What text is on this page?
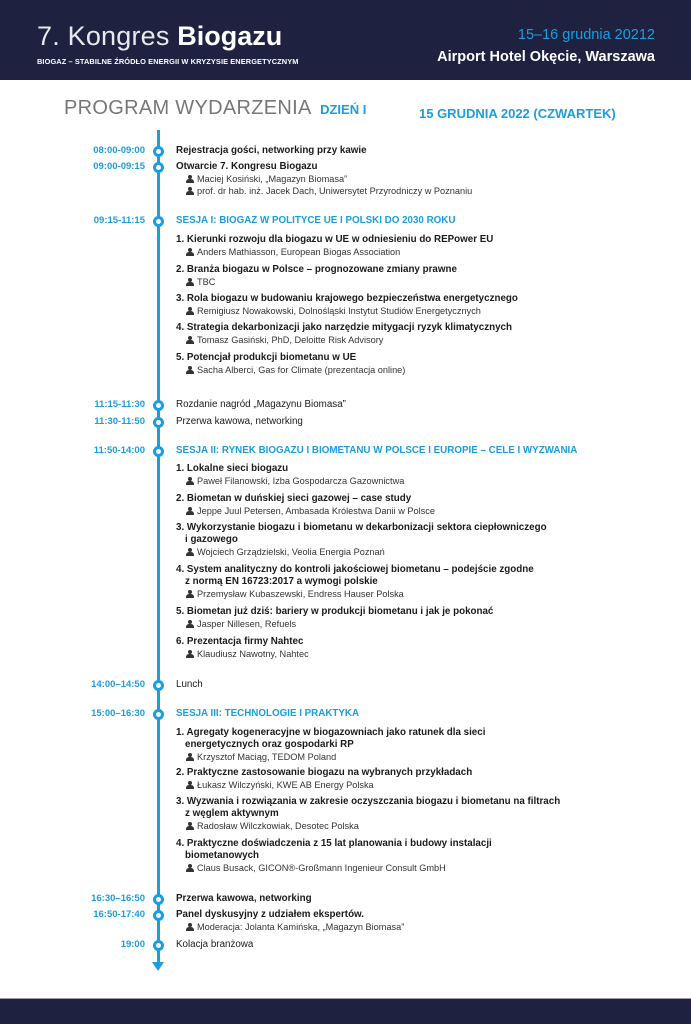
7. Kongres Biogazu
BIOGAZ – STABILNE ŹRÓDŁO ENERGII W KRYZYSIE ENERGETYCZNYM
15–16 grudnia 20212
Airport Hotel Okęcie, Warszawa
PROGRAM WYDARZENIA DZIEŃ I	15 GRUDNIA 2022 (CZWARTEK)
08:00-09:00	Rejestracja gości, networking przy kawie
09:00-09:15	Otwarcie 7. Kongresu Biogazu
Maciej Kosiński, „Magazyn Biomasa”
prof. dr hab. inż. Jacek Dach, Uniwersytet Przyrodniczy w Poznaniu
09:15-11:15	SESJA I: BIOGAZ W POLITYCE UE I POLSKI DO 2030 ROKU
1. Kierunki rozwoju dla biogazu w UE w odniesieniu do REPower EU
Anders Mathiasson, European Biogas Association
2. Branża biogazu w Polsce – prognozowane zmiany prawne
TBC
3. Rola biogazu w budowaniu krajowego bezpieczeństwa energetycznego
Remigiusz Nowakowski, Dolnośląski Instytut Studiów Energetycznych
4. Strategia dekarbonizacji jako narzędzie mitygacji ryzyk klimatycznych
Tomasz Gasiński, PhD, Deloitte Risk Advisory
5. Potencjał produkcji biometanu w UE
Sacha Alberci, Gas for Climate (prezentacja online)
11:15-11:30	Rozdanie nagród „Magazynu Biomasa”
11:30-11:50	Przerwa kawowa, networking
11:50-14:00	SESJA II: RYNEK BIOGAZU I BIOMETANU W POLSCE I EUROPIE – CELE I WYZWANIA
1. Lokalne sieci biogazu
Paweł Filanowski, Izba Gospodarcza Gazownictwa
2. Biometan w duńskiej sieci gazowej – case study
Jeppe Juul Petersen, Ambasada Królestwa Danii w Polsce
3. Wykorzystanie biogazu i biometanu w dekarbonizacji sektora ciepłowniczego
i gazowego
Wojciech Grządzielski, Veolia Energia Poznań
4. System analityczny do kontroli jakościowej biometanu – podejście zgodne
z normą EN 16723:2017 a wymogi polskie
Przemysław Kubaszewski, Endress Hauser Polska
5. Biometan już dziś: bariery w produkcji biometanu i jak je pokonać
Jasper Nillesen, Refuels
6. Prezentacja firmy Nahtec
Klaudiusz Nawotny, Nahtec
14:00–14:50	Lunch
15:00–16:30	SESJA III: TECHNOLOGIE I PRAKTYKA
1. Agregaty kogeneracyjne w biogazowniach jako ratunek dla sieci
energetycznych oraz gospodarki RP
Krzysztof Maciąg, TEDOM Poland
2. Praktyczne zastosowanie biogazu na wybranych przykładach
Łukasz Wilczyński, KWE AB Energy Polska
3. Wyzwania i rozwiązania w zakresie oczyszczania biogazu i biometanu na filtrach
z węglem aktywnym
Radosław Wilczkowiak, Desotec Polska
4. Praktyczne doświadczenia z 15 lat planowania i budowy instalacji
biometanowych
Claus Busack, GICON®-Großmann Ingenieur Consult GmbH
16:30–16:50	Przerwa kawowa, networking
16:50-17:40	Panel dyskusyjny z udziałem ekspertów.
Moderacja: Jolanta Kamińska, „Magazyn Biomasa”
19:00	Kolacja branżowa
